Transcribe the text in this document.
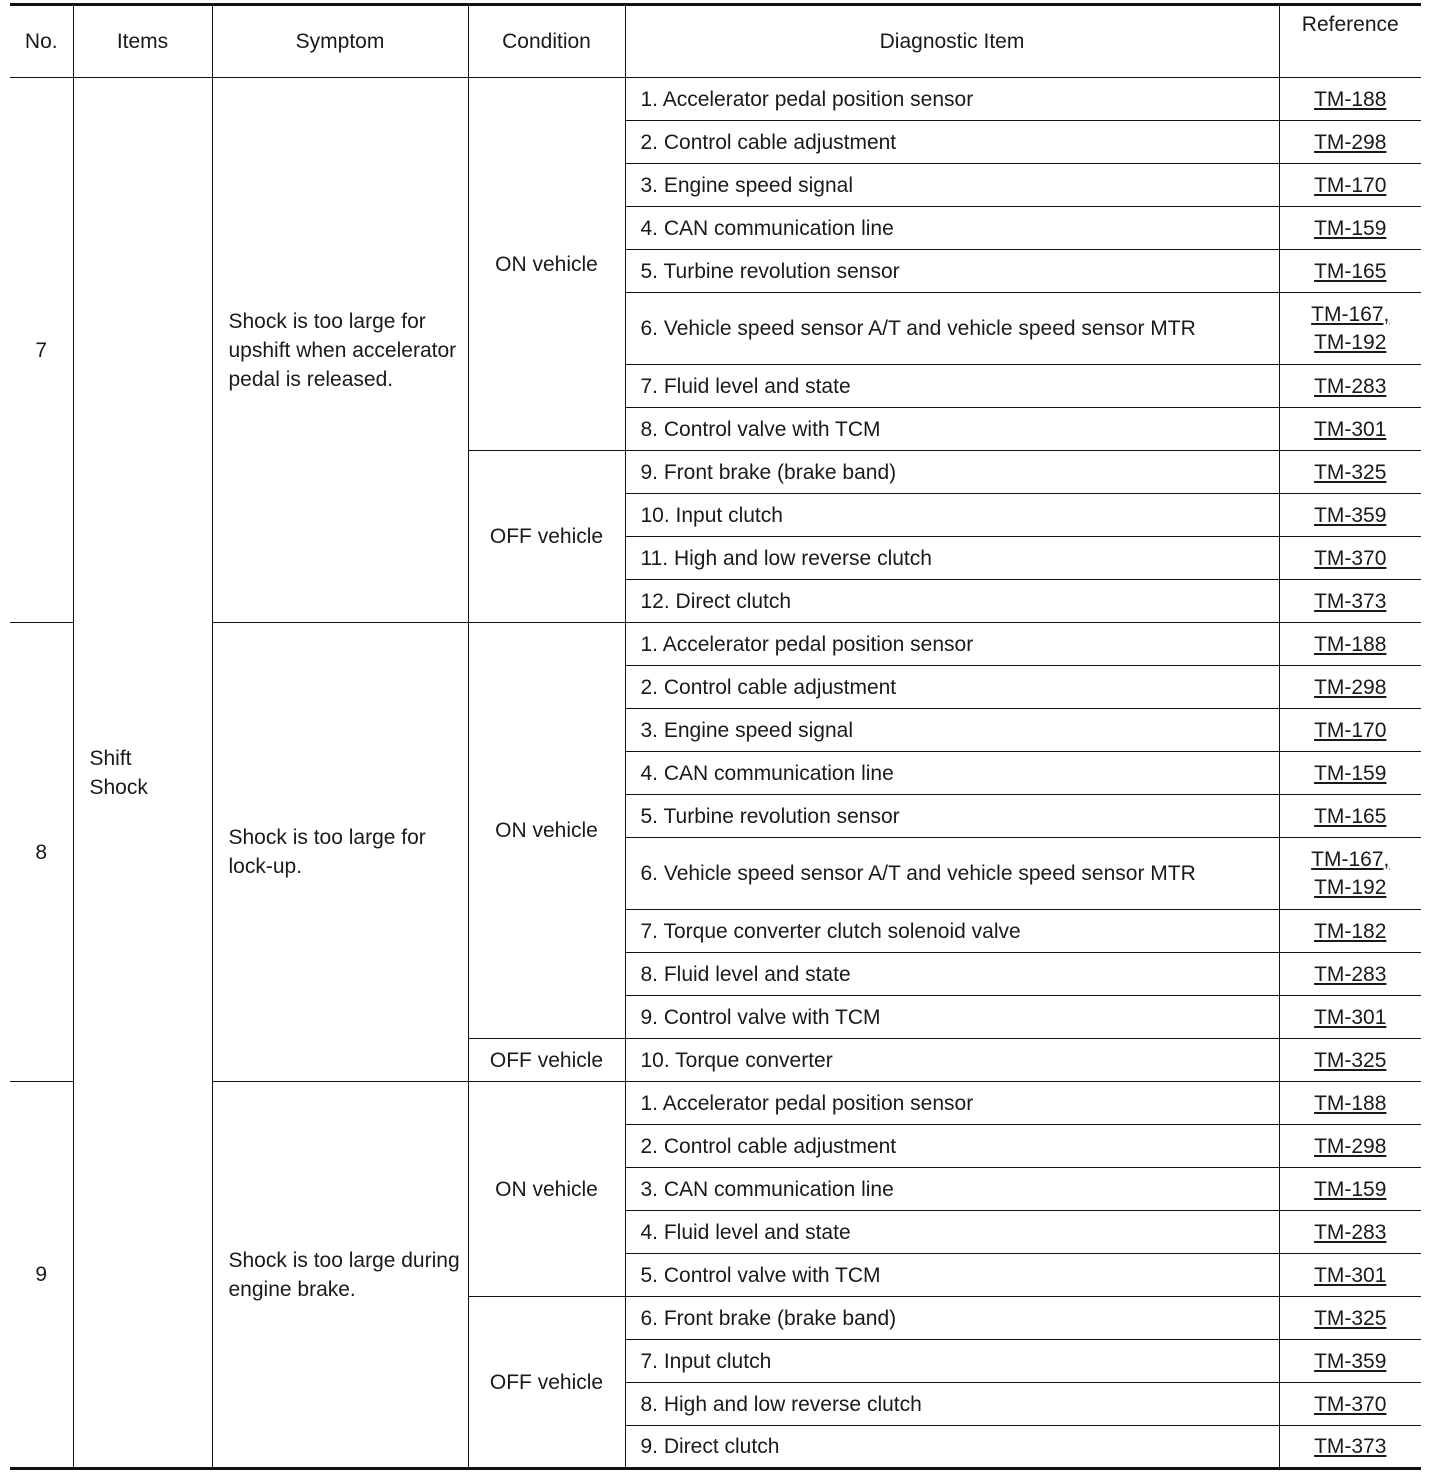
No.	Items	Symptom	Condition	Diagnostic Item	Reference
7	Shift Shock	Shock is too large for upshift when accelerator pedal is released.	ON vehicle	1. Accelerator pedal position sensor	TM-188

				2. Control cable adjustment	TM-298

				3. Engine speed signal	TM-170

				4. CAN communication line	TM-159

				5. Turbine revolution sensor	TM-165

				6. Vehicle speed sensor A/T and vehicle speed sensor MTR	$\frac{TM-167,}{TM-192}$

				7. Fluid level and state	TM-283

				8. Control valve with TCM	TM-301

			OFF vehicle	9. Front brake (brake band)	TM-325

				10. Input clutch	TM-359

				11. High and low reverse clutch	TM-370

				12. Direct clutch	TM-373

8		Shock is too large for lock-up.	ON vehicle	1. Accelerator pedal position sensor	TM-188

				2. Control cable adjustment	TM-298

				3. Engine speed signal	TM-170

				4. CAN communication line	TM-159

				5. Turbine revolution sensor	TM-165

				6. Vehicle speed sensor A/T and vehicle speed sensor MTR	$\frac{TM-167,}{TM-192}$

				7. Torque converter clutch solenoid valve	TM-182

				8. Fluid level and state	TM-283

				9. Control valve with TCM	TM-301

			OFF vehicle	10. Torque converter	TM-325

9		Shock is too large during engine brake.	ON vehicle	1. Accelerator pedal position sensor	TM-188

				2. Control cable adjustment	TM-298

				3. CAN communication line	TM-159

				4. Fluid level and state	TM-283

				5. Control valve with TCM	TM-301

			OFF vehicle	6. Front brake (brake band)	TM-325

				7. Input clutch	TM-359

				8. High and low reverse clutch	TM-370

				9. Direct clutch	TM-373
